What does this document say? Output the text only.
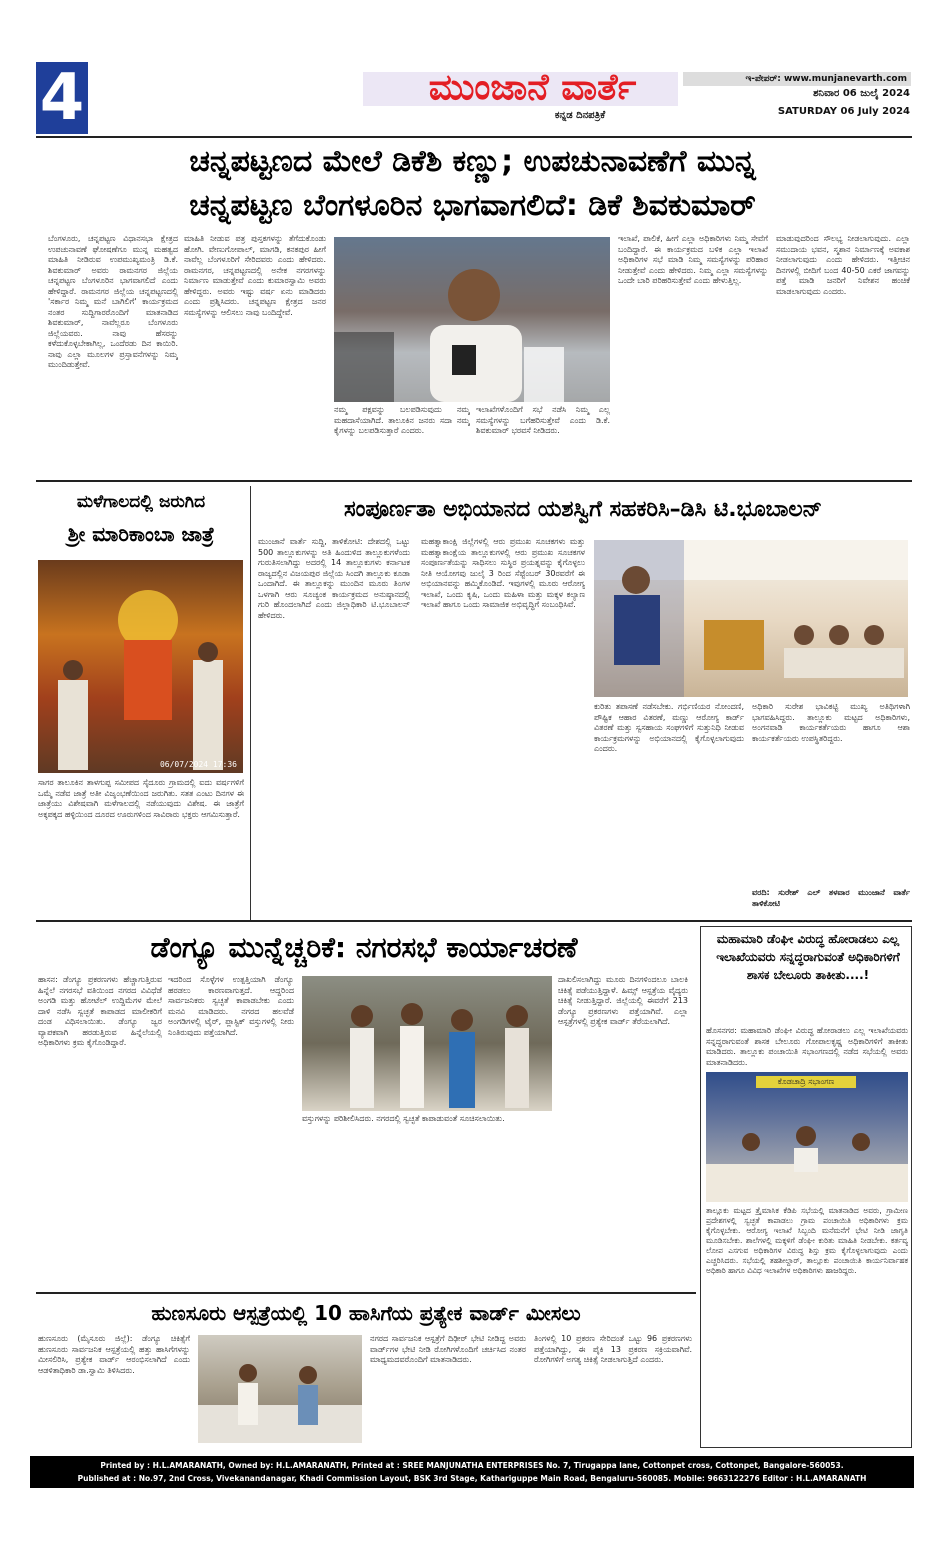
4	ಮುಂಜಾನೆ ವಾರ್ತೆ
ಕನ್ನಡ ದಿನಪತ್ರಿಕೆ
ಇ-ಪೇಪರ್: www.munjanevarth.com
ಶನಿವಾರ 06 ಜುಲೈ 2024
SATURDAY 06 July 2024
ಚನ್ನಪಟ್ಟಣದ ಮೇಲೆ ಡಿಕೆಶಿ ಕಣ್ಣು; ಉಪಚುನಾವಣೆಗೆ ಮುನ್ನ
ಚನ್ನಪಟ್ಟಣ ಬೆಂಗಳೂರಿನ ಭಾಗವಾಗಲಿದೆ: ಡಿಕೆ ಶಿವಕುಮಾರ್
ಬೆಂಗಳೂರು, ಚನ್ನಪಟ್ಟಣ ವಿಧಾನಸಭಾ ಕ್ಷೇತ್ರದ ಉಪಚುನಾವಣೆ ಘೋಷಣೆಗೂ ಮುನ್ನ ಮಹತ್ವದ ಮಾಹಿತಿ ನೀಡಿರುವ ಉಪಮುಖ್ಯಮಂತ್ರಿ ಡಿ.ಕೆ. ಶಿವಕುಮಾರ್ ಅವರು ರಾಮನಗರ ಜಿಲ್ಲೆಯ ಚನ್ನಪಟ್ಟಣ ಬೆಂಗಳೂರಿನ ಭಾಗವಾಗಲಿದೆ ಎಂದು ಹೇಳಿದ್ದಾರೆ. ರಾಮನಗರ ಜಿಲ್ಲೆಯ ಚನ್ನಪಟ್ಟಣದಲ್ಲಿ 'ಸರ್ಕಾರ ನಿಮ್ಮ ಮನೆ ಬಾಗಿಲಿಗೆ' ಕಾರ್ಯಕ್ರಮದ ನಂತರ ಸುದ್ದಿಗಾರರೊಂದಿಗೆ ಮಾತನಾಡಿದ ಶಿವಕುಮಾರ್, ನಾವೆಲ್ಲರೂ ಬೆಂಗಳೂರು ಜಿಲ್ಲೆಯವರು. ನಾವು ಹೆಸರನ್ನು ಕಳೆದುಕೊಳ್ಳಬೇಕಾಗಿಲ್ಲ, ಒಂದೆರಡು ದಿನ ಕಾಯಿರಿ. ನಾವು ಎಲ್ಲಾ ಮೂಲಗಳ ಪ್ರಸ್ತಾವನೆಗಳನ್ನು ನಿಮ್ಮ ಮುಂದಿಡುತ್ತೇವೆ.
ಮಾಹಿತಿ ನೀಡುವ ಪತ್ರ ಪುಸ್ತಕಗಳನ್ನು ತೆಗೆದುಕೊಂಡು ಹೋಗಿ. ವೇಣುಗೋಪಾಲ್, ಮಾಗಡಿ, ಕನಕಪುರ ಹೀಗೆ ನಾವೆಲ್ಲ ಬೆಂಗಳೂರಿಗೆ ಸೇರಿದವರು ಎಂದು ಹೇಳಿದರು. ರಾಮನಗರ, ಚನ್ನಪಟ್ಟಣದಲ್ಲಿ ಅನೇಕ ನಗರಗಳನ್ನು ನಿರ್ಮಾಣ ಮಾಡುತ್ತೇವೆ ಎಂದು ಕುಮಾರಸ್ವಾಮಿ ಅವರು ಹೇಳಿದ್ದರು. ಅವರು ಇಷ್ಟು ವರ್ಷ ಏನು ಮಾಡಿದರು ಎಂದು ಪ್ರಶ್ನಿಸಿದರು. ಚನ್ನಪಟ್ಟಣ ಕ್ಷೇತ್ರದ ಜನರ ಸಮಸ್ಯೆಗಳನ್ನು ಆಲಿಸಲು ನಾವು ಬಂದಿದ್ದೇವೆ.
ನಮ್ಮ ಪಕ್ಷವನ್ನು ಬಲಪಡಿಸುವುದು ನಮ್ಮ ಮಹದಾಸೆಯಾಗಿದೆ. ತಾಲೂಕಿನ ಜನರು ಸದಾ ನಮ್ಮ ಕೈಗಳನ್ನು ಬಲಪಡಿಸುತ್ತಾರೆ ಎಂದರು.
ಇಲಾಖೆಗಳೊಂದಿಗೆ ಸಭೆ ನಡೆಸಿ ನಿಮ್ಮ ಎಲ್ಲ ಸಮಸ್ಯೆಗಳನ್ನು ಬಗೆಹರಿಸುತ್ತೇವೆ ಎಂದು ಡಿ.ಕೆ. ಶಿವಕುಮಾರ್ ಭರವಸೆ ನೀಡಿದರು.
ಇಲಾಖೆ, ಪಾಲಿಕೆ, ಹೀಗೆ ಎಲ್ಲಾ ಅಧಿಕಾರಿಗಳು ನಿಮ್ಮ ಸೇವೆಗೆ ಬಂದಿದ್ದಾರೆ. ಈ ಕಾರ್ಯಕ್ರಮದ ಬಳಿಕ ಎಲ್ಲಾ ಇಲಾಖೆ ಅಧಿಕಾರಿಗಳ ಸಭೆ ಮಾಡಿ ನಿಮ್ಮ ಸಮಸ್ಯೆಗಳನ್ನು ಪರಿಹಾರ ನೀಡುತ್ತೇವೆ ಎಂದು ಹೇಳಿದರು. ನಿಮ್ಮ ಎಲ್ಲಾ ಸಮಸ್ಯೆಗಳನ್ನು ಒಂದೇ ಬಾರಿ ಪರಿಹರಿಸುತ್ತೇವೆ ಎಂದು ಹೇಳುತ್ತಿಲ್ಲ.
ಮಾಡುವುದರಿಂದ ಸೌಲಭ್ಯ ನೀಡಲಾಗುವುದು. ಎಲ್ಲಾ ಸಮುದಾಯ ಭವನ, ಸ್ಮಶಾನ ನಿರ್ಮಾಣಕ್ಕೆ ಅವಕಾಶ ನೀಡಲಾಗುವುದು ಎಂದು ಹೇಳಿದರು. ಇತ್ತೀಚಿನ ದಿನಗಳಲ್ಲಿ ಬೀದಿಗೆ ಬಂದ 40-50 ಎಕರೆ ಜಾಗವನ್ನು ಪತ್ತೆ ಮಾಡಿ ಜನರಿಗೆ ನಿವೇಶನ ಹಂಚಿಕೆ ಮಾಡಲಾಗುವುದು ಎಂದರು.
ಮಳೆಗಾಲದಲ್ಲಿ ಜರುಗಿದ
ಶ್ರೀ ಮಾರಿಕಾಂಬಾ ಜಾತ್ರೆ
06/07/2024 17:36
ಸಾಗರ ತಾಲೂಕಿನ ತಾಳಗುಪ್ಪ ಸಮೀಪದ ಸೈದೂರು ಗ್ರಾಮದಲ್ಲಿ ಐದು ವರ್ಷಗಳಿಗೆ ಒಮ್ಮೆ ನಡೆವ ಜಾತ್ರೆ ಅತೀ ವಿಜೃಂಭಣೆಯಿಂದ ಜರುಗಿತು. ಸತತ ಎಂಟು ದಿನಗಳ ಈ ಜಾತ್ರೆಯು ವಿಶೇಷವಾಗಿ ಮಳೆಗಾಲದಲ್ಲಿ ನಡೆಯುವುದು ವಿಶೇಷ. ಈ ಜಾತ್ರೆಗೆ ಅಕ್ಕಪಕ್ಕದ ಹಳ್ಳಿಯಿಂದ ದೂರದ ಊರುಗಳಿಂದ ಸಾವಿರಾರು ಭಕ್ತರು ಆಗಮಿಸುತ್ತಾರೆ.
ಸಂಪೂರ್ಣತಾ ಅಭಿಯಾನದ ಯಶಸ್ವಿಗೆ ಸಹಕರಿಸಿ–ಡಿಸಿ ಟಿ.ಭೂಬಾಲನ್
ಮುಂಜಾನೆ ವಾರ್ತೆ ಸುದ್ದಿ, ತಾಳಿಕೋಟಿ: ದೇಶದಲ್ಲಿ ಒಟ್ಟು 500 ತಾಲ್ಲೂಕುಗಳನ್ನು ಅತಿ ಹಿಂದುಳಿದ ತಾಲ್ಲೂಕುಗಳೆಂದು ಗುರುತಿಸಲಾಗಿದ್ದು ಅದರಲ್ಲಿ 14 ತಾಲ್ಲೂಕುಗಳು ಕರ್ನಾಟಕ ರಾಜ್ಯದಲ್ಲಿನ ವಿಜಯಪುರ ಜಿಲ್ಲೆಯ ಸಿಂದಗಿ ತಾಲ್ಲೂಕು ಕೂಡಾ ಒಂದಾಗಿದೆ. ಈ ತಾಲ್ಲೂಕನ್ನು ಮುಂದಿನ ಮೂರು ತಿಂಗಳ ಒಳಗಾಗಿ ಆರು ಸೂಚ್ಯಂಕ ಕಾರ್ಯಕ್ರಮದ ಅನುಷ್ಠಾನದಲ್ಲಿ ಗುರಿ ಹೊಂದಲಾಗಿದೆ ಎಂದು ಜಿಲ್ಲಾಧಿಕಾರಿ ಟಿ.ಭೂಬಾಲನ್ ಹೇಳಿದರು.
ಮಹತ್ವಾಕಾಂಕ್ಷಿ ಜಿಲ್ಲೆಗಳಲ್ಲಿ ಆರು ಪ್ರಮುಖ ಸೂಚಕಗಳು ಮತ್ತು ಮಹತ್ವಾಕಾಂಕ್ಷೆಯ ತಾಲ್ಲೂಕುಗಳಲ್ಲಿ ಆರು ಪ್ರಮುಖ ಸೂಚಕಗಳ ಸಂಪೂರ್ಣತೆಯನ್ನು ಸಾಧಿಸಲು ಸುಸ್ಥಿರ ಪ್ರಯತ್ನವನ್ನು ಕೈಗೊಳ್ಳಲು ನೀತಿ ಆಯೋಗವು ಜುಲೈ 3 ರಿಂದ ಸೆಪ್ಟೆಂಬರ್ 30ರವರೆಗೆ ಈ ಅಭಿಯಾನವನ್ನು ಹಮ್ಮಿಕೊಂಡಿದೆ. ಇವುಗಳಲ್ಲಿ ಮೂರು ಆರೋಗ್ಯ ಇಲಾಖೆ, ಒಂದು ಕೃಷಿ, ಒಂದು ಮಹಿಳಾ ಮತ್ತು ಮಕ್ಕಳ ಕಲ್ಯಾಣ ಇಲಾಖೆ ಹಾಗೂ ಒಂದು ಸಾಮಾಜಿಕ ಅಭಿವೃದ್ಧಿಗೆ ಸಂಬಂಧಿಸಿವೆ.
ಕುರಿತು ತಪಾಸಣೆ ನಡೆಸಬೇಕು. ಗರ್ಭಿಣಿಯರ ನೋಂದಣಿ, ಪೌಷ್ಟಿಕ ಆಹಾರ ವಿತರಣೆ, ಮಣ್ಣು ಆರೋಗ್ಯ ಕಾರ್ಡ್ ವಿತರಣೆ ಮತ್ತು ಸ್ವಸಹಾಯ ಸಂಘಗಳಿಗೆ ಸುತ್ತುನಿಧಿ ನೀಡುವ ಕಾರ್ಯಕ್ರಮಗಳನ್ನು ಅಭಿಯಾನದಲ್ಲಿ ಕೈಗೊಳ್ಳಲಾಗುವುದು ಎಂದರು.
ಅಧಿಕಾರಿ ಸುರೇಶ ಭಾವಿಕಟ್ಟಿ ಮುಖ್ಯ ಅತಿಥಿಗಳಾಗಿ ಭಾಗವಹಿಸಿದ್ದರು. ತಾಲ್ಲೂಕು ಮಟ್ಟದ ಅಧಿಕಾರಿಗಳು, ಅಂಗನವಾಡಿ ಕಾರ್ಯಕರ್ತೆಯರು ಹಾಗೂ ಆಶಾ ಕಾರ್ಯಕರ್ತೆಯರು ಉಪಸ್ಥಿತರಿದ್ದರು.
ವರದಿ: ಸುರೇಶ್ ಎಲ್ ತಳವಾರ ಮುಂಜಾನೆ ವಾರ್ತೆ ತಾಳಿಕೋಟಿ
ಡೆಂಗ್ಯೂ ಮುನ್ನೆಚ್ಚರಿಕೆ: ನಗರಸಭೆ ಕಾರ್ಯಾಚರಣೆ
ಹಾಸನ: ಡೆಂಗ್ಯೂ ಪ್ರಕರಣಗಳು ಹೆಚ್ಚಾಗುತ್ತಿರುವ ಹಿನ್ನೆಲೆ ನಗರಸಭೆ ವತಿಯಿಂದ ನಗರದ ವಿವಿಧೆಡೆ ಅಂಗಡಿ ಮತ್ತು ಹೋಟೆಲ್ ಉದ್ದಿಮೆಗಳ ಮೇಲೆ ದಾಳಿ ನಡೆಸಿ ಸ್ವಚ್ಛತೆ ಕಾಪಾಡದ ಮಾಲೀಕರಿಗೆ ದಂಡ ವಿಧಿಸಲಾಯಿತು. ಡೆಂಗ್ಯೂ ಜ್ವರ ವ್ಯಾಪಕವಾಗಿ ಹರಡುತ್ತಿರುವ ಹಿನ್ನೆಲೆಯಲ್ಲಿ ಅಧಿಕಾರಿಗಳು ಕ್ರಮ ಕೈಗೊಂಡಿದ್ದಾರೆ.
ಇದರಿಂದ ಸೊಳ್ಳೆಗಳ ಉತ್ಪತ್ತಿಯಾಗಿ ಡೆಂಗ್ಯೂ ಹರಡಲು ಕಾರಣವಾಗುತ್ತದೆ. ಆದ್ದರಿಂದ ಸಾರ್ವಜನಿಕರು ಸ್ವಚ್ಛತೆ ಕಾಪಾಡಬೇಕು ಎಂದು ಮನವಿ ಮಾಡಿದರು. ನಗರದ ಹಲವೆಡೆ ಅಂಗಡಿಗಳಲ್ಲಿ ಟೈರ್, ಪ್ಲಾಸ್ಟಿಕ್ ವಸ್ತುಗಳಲ್ಲಿ ನೀರು ನಿಂತಿರುವುದು ಪತ್ತೆಯಾಗಿದೆ.
ವಸ್ತುಗಳನ್ನು ಪರಿಶೀಲಿಸಿದರು. ನಗರದಲ್ಲಿ ಸ್ವಚ್ಛತೆ ಕಾಪಾಡುವಂತೆ ಸೂಚಿಸಲಾಯಿತು.
ದಾಖಲಿಸಲಾಗಿದ್ದು ಮೂರು ದಿನಗಳಿಂದಲೂ ಬಾಲಕಿ ಚಿಕಿತ್ಸೆ ಪಡೆಯುತ್ತಿದ್ದಾಳೆ. ಹಿಮ್ಸ್ ಆಸ್ಪತ್ರೆಯ ವೈದ್ಯರು ಚಿಕಿತ್ಸೆ ನೀಡುತ್ತಿದ್ದಾರೆ. ಜಿಲ್ಲೆಯಲ್ಲಿ ಈವರೆಗೆ 213 ಡೆಂಗ್ಯೂ ಪ್ರಕರಣಗಳು ಪತ್ತೆಯಾಗಿವೆ. ಎಲ್ಲಾ ಆಸ್ಪತ್ರೆಗಳಲ್ಲಿ ಪ್ರತ್ಯೇಕ ವಾರ್ಡ್ ತೆರೆಯಲಾಗಿದೆ.
ಮಹಾಮಾರಿ ಡೆಂಘೀ ವಿರುದ್ಧ ಹೋರಾಡಲು ಎಲ್ಲ ಇಲಾಖೆಯವರು ಸನ್ನದ್ಧರಾಗುವಂತೆ ಅಧಿಕಾರಿಗಳಿಗೆ ಶಾಸಕ ಬೇಲೂರು ತಾಕೀತು....!
ಹೊಸನಗರ: ಮಹಾಮಾರಿ ಡೆಂಘೀ ವಿರುದ್ಧ ಹೋರಾಡಲು ಎಲ್ಲ ಇಲಾಖೆಯವರು ಸನ್ನದ್ಧರಾಗುವಂತೆ ಶಾಸಕ ಬೇಲೂರು ಗೋಪಾಲಕೃಷ್ಣ ಅಧಿಕಾರಿಗಳಿಗೆ ತಾಕೀತು ಮಾಡಿದರು. ತಾಲ್ಲೂಕು ಪಂಚಾಯಿತಿ ಸಭಾಂಗಣದಲ್ಲಿ ನಡೆದ ಸಭೆಯಲ್ಲಿ ಅವರು ಮಾತನಾಡಿದರು.
ಕೊಡಚಾದ್ರಿ ಸಭಾಂಗಣ
ತಾಲ್ಲೂಕು ಮಟ್ಟದ ತ್ರೈಮಾಸಿಕ ಕೆಡಿಪಿ ಸಭೆಯಲ್ಲಿ ಮಾತನಾಡಿದ ಅವರು, ಗ್ರಾಮೀಣ ಪ್ರದೇಶಗಳಲ್ಲಿ ಸ್ವಚ್ಛತೆ ಕಾಪಾಡಲು ಗ್ರಾಮ ಪಂಚಾಯಿತಿ ಅಧಿಕಾರಿಗಳು ಕ್ರಮ ಕೈಗೊಳ್ಳಬೇಕು. ಆರೋಗ್ಯ ಇಲಾಖೆ ಸಿಬ್ಬಂದಿ ಮನೆಮನೆಗೆ ಭೇಟಿ ನೀಡಿ ಜಾಗೃತಿ ಮೂಡಿಸಬೇಕು. ಶಾಲೆಗಳಲ್ಲಿ ಮಕ್ಕಳಿಗೆ ಡೆಂಘೀ ಕುರಿತು ಮಾಹಿತಿ ನೀಡಬೇಕು. ಕರ್ತವ್ಯ ಲೋಪ ಎಸಗುವ ಅಧಿಕಾರಿಗಳ ವಿರುದ್ಧ ಶಿಸ್ತು ಕ್ರಮ ಕೈಗೊಳ್ಳಲಾಗುವುದು ಎಂದು ಎಚ್ಚರಿಸಿದರು. ಸಭೆಯಲ್ಲಿ ತಹಶೀಲ್ದಾರ್, ತಾಲ್ಲೂಕು ಪಂಚಾಯಿತಿ ಕಾರ್ಯನಿರ್ವಾಹಕ ಅಧಿಕಾರಿ ಹಾಗೂ ವಿವಿಧ ಇಲಾಖೆಗಳ ಅಧಿಕಾರಿಗಳು ಹಾಜರಿದ್ದರು.
ಹುಣಸೂರು ಆಸ್ಪತ್ರೆಯಲ್ಲಿ 10 ಹಾಸಿಗೆಯ ಪ್ರತ್ಯೇಕ ವಾರ್ಡ್ ಮೀಸಲು
ಹುಣಸೂರು (ಮೈಸೂರು ಜಿಲ್ಲೆ): ಡೆಂಗ್ಯೂ ಚಿಕಿತ್ಸೆಗೆ ಹುಣಸೂರು ಸಾರ್ವಜನಿಕ ಆಸ್ಪತ್ರೆಯಲ್ಲಿ ಹತ್ತು ಹಾಸಿಗೆಗಳನ್ನು ಮೀಸಲಿರಿಸಿ, ಪ್ರತ್ಯೇಕ ವಾರ್ಡ್ ಆರಂಭಿಸಲಾಗಿದೆ ಎಂದು ಆಡಳಿತಾಧಿಕಾರಿ ಡಾ.ಸ್ವಾಮಿ ತಿಳಿಸಿದರು.
ನಗರದ ಸಾರ್ವಜನಿಕ ಆಸ್ಪತ್ರೆಗೆ ದಿಢೀರ್ ಭೇಟಿ ನೀಡಿದ್ದ ಅವರು ವಾರ್ಡ್‌ಗಳ ಭೇಟಿ ನೀಡಿ ರೋಗಿಗಳೊಂದಿಗೆ ಚರ್ಚಿಸಿದ ನಂತರ ಮಾಧ್ಯಮದವರೊಂದಿಗೆ ಮಾತನಾಡಿದರು.
ತಿಂಗಳಲ್ಲಿ 10 ಪ್ರಕರಣ ಸೇರಿದಂತೆ ಒಟ್ಟು 96 ಪ್ರಕರಣಗಳು ಪತ್ತೆಯಾಗಿದ್ದು, ಈ ಪೈಕಿ 13 ಪ್ರಕರಣ ಸಕ್ರಿಯವಾಗಿವೆ. ರೋಗಿಗಳಿಗೆ ಅಗತ್ಯ ಚಿಕಿತ್ಸೆ ನೀಡಲಾಗುತ್ತಿದೆ ಎಂದರು.
Printed by : H.L.AMARANATH, Owned by: H.L.AMARANATH, Printed at : SREE MANJUNATHA ENTERPRISES No. 7, Tirugappa lane, Cottonpet cross, Cottonpet, Bangalore-560053.
Published at : No.97, 2nd Cross, Vivekanandanagar, Khadi Commission Layout, BSK 3rd Stage, Kathariguppe Main Road, Bengaluru-560085. Mobile: 9663122276 Editor : H.L.AMARANATH
